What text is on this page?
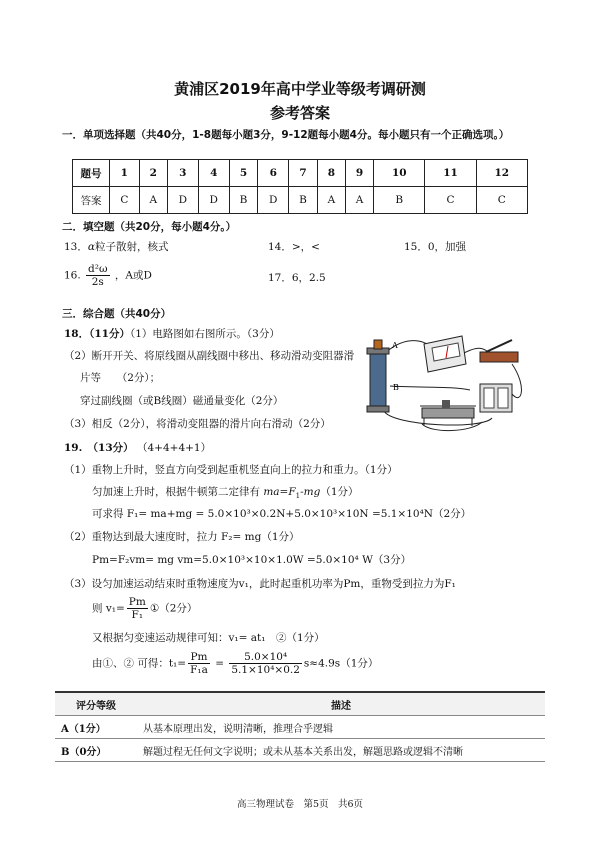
黄浦区2019年高中学业等级考调研测
参考答案
一．单项选择题（共40分，1-8题每小题3分，9-12题每小题4分。每小题只有一个正确选项。）
题号	1	2	3	4	5	6	7	8	9	10	11	12
答案	C	A	D	D	B	D	B	A	A	B	C	C
二．填空题（共20分，每小题4分。）
13．α粒子散射，核式	14．>，<	15．0，加强
16. $\frac{\text{d²ω}}{2s}$ ，A或D	17．6，2.5
三．综合题（共40分）
18．（11分）（1）电路图如右图所示。（3分）
（2）断开开关、将原线圈从副线圈中移出、移动滑动变阻器滑
片等　　（2分）；
穿过副线圈（或B线圈）磁通量变化（2分）
（3）相反（2分），将滑动变阻器的滑片向右滑动（2分）
A
B
19.　（13分） （4+4+4+1）
（1）重物上升时，竖直方向受到起重机竖直向上的拉力和重力。（1分）
匀加速上升时，根据牛顿第二定律有 $ma=F_1-mg(1$分）
可求得 F₁= ma+mg = 5.0×10³×0.2N+5.0×10³×10N =5.1×10⁴N（2分）
（2）重物达到最大速度时，拉力 F₂= mg（1分）
Pm=F₂vm= mg vm=5.0×10³×10×1.0W =5.0×10⁴ W（3分）
（3）设匀加速运动结束时重物速度为v₁，此时起重机功率为Pm，重物受到拉力为F₁
则 $v_1= \frac{Pm}{\text{F₁}}$ ①（2分）
又根据匀变速运动规律可知：v₁= at₁　②（1分）
由①、② 可得：$t_1= \frac{Pm}{\text{F₁a}} = \frac{\text{5.0×10⁴}}{\text{5.1×10⁴×0.2}} s\approx 4.9s(1$分）
评分等级	描述
A（1分）	从基本原理出发，说明清晰，推理合乎逻辑
B（0分）	解题过程无任何文字说明；或未从基本关系出发，解题思路或逻辑不清晰
高三物理试卷　第5页　共6页
